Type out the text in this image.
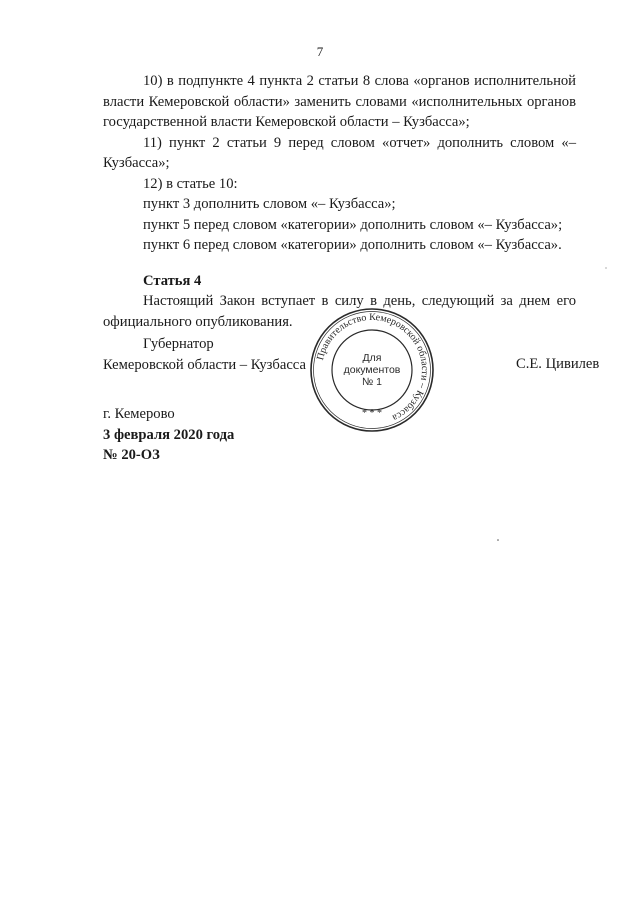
7

10) в подпункте 4 пункта 2 статьи 8 слова «органов исполнительной власти Кемеровской области» заменить словами «исполнительных органов государственной власти Кемеровской области – Кузбасса»;

11) пункт 2 статьи 9 перед словом «отчет» дополнить словом «– Кузбасса»;

12) в статье 10:

пункт 3 дополнить словом «– Кузбасса»;

пункт 5 перед словом «категории» дополнить словом «– Кузбасса»;

пункт 6 перед словом «категории» дополнить словом «– Кузбасса».

Статья 4

Настоящий Закон вступает в силу в день, следующий за днем его официального опубликования.

Губернатор
Кемеровской области – Кузбасса	С.Е. Цивилев
Правительство Кемеровской области – Кузбасса
* * *
Для
документов
№ 1
г. Кемерово
3 февраля 2020 года
№ 20-ОЗ
